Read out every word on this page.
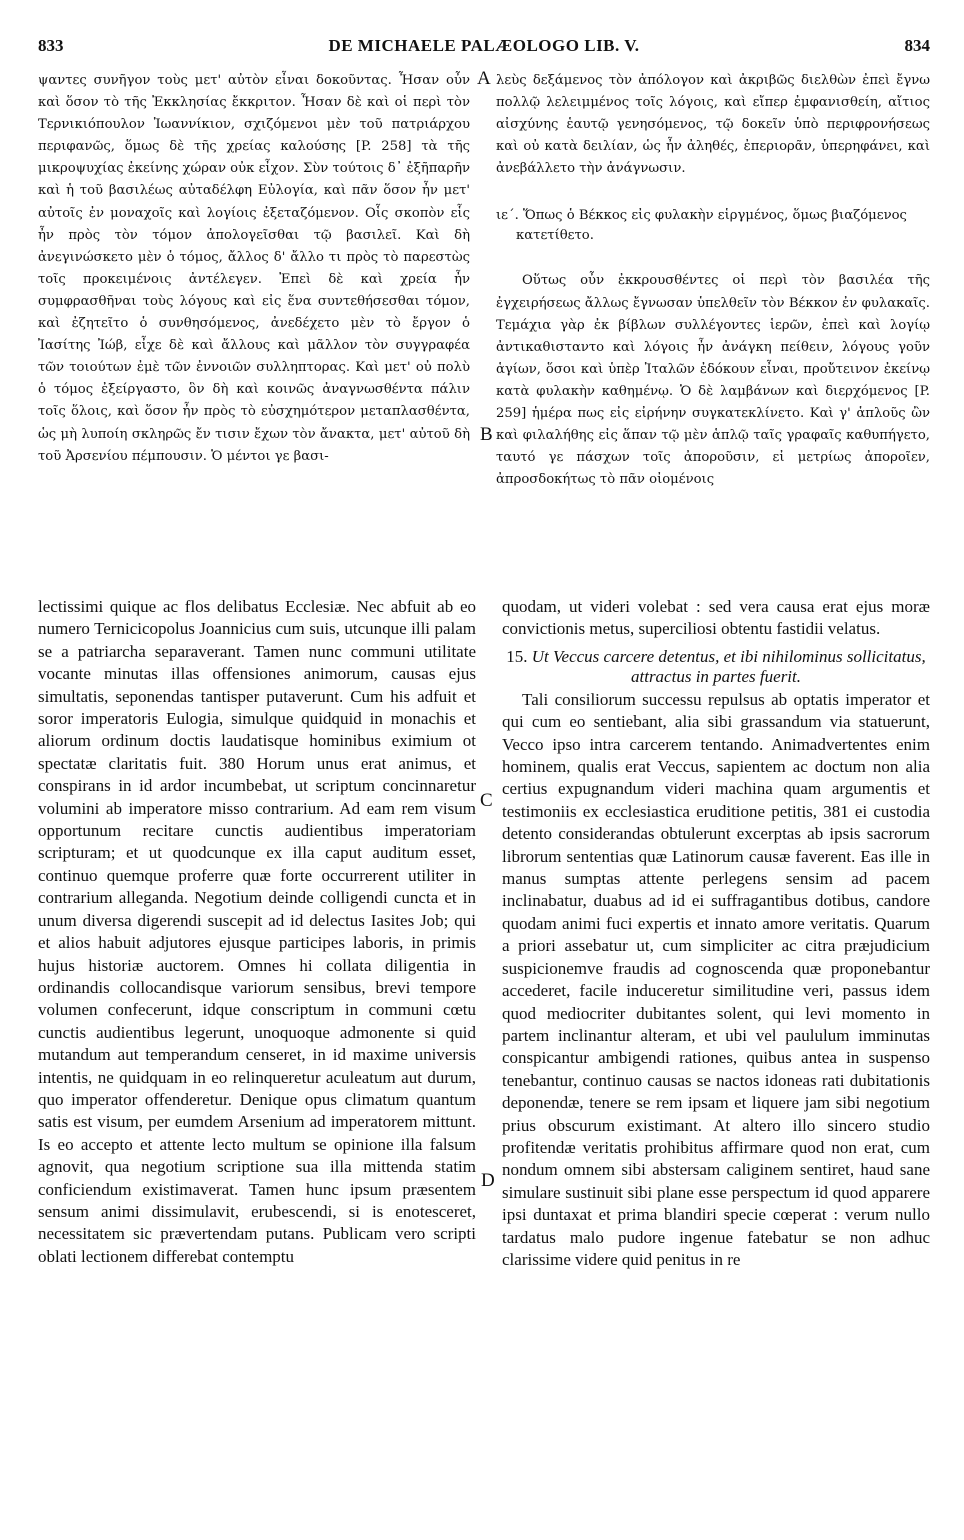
833	DE MICHAELE PALÆOLOGO LIB. V.	834

ψαντες συνῆγον τοὺς μετ' αὐτὸν εἶναι δοκοῦντας. Ἦσαν οὖν καὶ ὅσον τὸ τῆς Ἐκκλησίας ἔκκριτον. Ἦσαν δὲ καὶ οἱ περὶ τὸν Τερνικιόπουλον Ἰωαννίκιον, σχιζόμενοι μὲν τοῦ πατριάρχου περιφανῶς, ὅμως δὲ τῆς χρείας καλούσης [P. 258] τὰ τῆς μικροψυχίας ἐκείνης χώραν οὐκ εἶχον. Σὺν τούτοις δ᾽ ἐξῆπαρῆν καὶ ἡ τοῦ βασιλέως αὐταδέλφη Εὐλογία, καὶ πᾶν ὅσον ἦν μετ' αὐτοῖς ἐν μοναχοῖς καὶ λογίοις ἐξεταζόμενον. Οἷς σκοπὸν εἷς ἦν πρὸς τὸν τόμον ἀπολογεῖσθαι τῷ βασιλεῖ. Καὶ δὴ ἀνεγινώσκετο μὲν ὁ τόμος, ἄλλος δ' ἄλλο τι πρὸς τὸ παρεστὼς τοῖς προκειμένοις ἀντέλεγεν. Ἐπεὶ δὲ καὶ χρεία ἦν συμφρασθῆναι τοὺς λόγους καὶ εἰς ἕνα συντεθήσεσθαι τόμον, καὶ ἐζητεῖτο ὁ συνθησόμενος, ἀνεδέχετο μὲν τὸ ἔργον ὁ Ἰασίτης Ἰώβ, εἶχε δὲ καὶ ἄλλους καὶ μᾶλλον τὸν συγγραφέα τῶν τοιούτων ἐμὲ τῶν ἐννοιῶν συλληπτορας. Καὶ μετ' οὐ πολὺ ὁ τόμος ἐξείργαστο, ὃν δὴ καὶ κοινῶς ἀναγνωσθέντα πάλιν τοῖς ὅλοις, καὶ ὅσον ἦν πρὸς τὸ εὐσχημότερον μεταπλασθέντα, ὡς μὴ λυποίη σκληρῶς ἔν τισιν ἔχων τὸν ἄνακτα, μετ' αὐτοῦ δὴ τοῦ Ἀρσενίου πέμπουσιν. Ὁ μέντοι γε βασι-

A
B
C
D

λεὺς δεξάμενος τὸν ἀπόλογον καὶ ἀκριβῶς διελθὼν ἐπεὶ ἔγνω πολλῷ λελειμμένος τοῖς λόγοις, καὶ εἴπερ ἐμφανισθείη, αἴτιος αἰσχύνης ἑαυτῷ γενησόμενος, τῷ δοκεῖν ὑπὸ περιφρονήσεως καὶ οὐ κατὰ δειλίαν, ὡς ἦν ἀληθές, ἐπεριορᾶν, ὑπερηφάνει, καὶ ἀνεβάλλετο τὴν ἀνάγνωσιν.

ιε´. Ὅπως ὁ Βέκκος εἰς φυλακὴν εἱργμένος, ὅμως βιαζόμενος κατετίθετο.

Οὕτως οὖν ἐκκρουσθέντες οἱ περὶ τὸν βασιλέα τῆς ἐγχειρήσεως ἄλλως ἔγνωσαν ὑπελθεῖν τὸν Βέκκον ἐν φυλακαῖς. Τεμάχια γὰρ ἐκ βίβλων συλλέγοντες ἱερῶν, ἐπεὶ καὶ λογίῳ ἀντικαθισταντο καὶ λόγοις ἦν ἀνάγκη πείθειν, λόγους γοῦν ἁγίων, ὅσοι καὶ ὑπὲρ Ἰταλῶν ἐδόκουν εἶναι, προὔτεινον ἐκείνῳ κατὰ φυλακὴν καθημένῳ. Ὁ δὲ λαμβάνων καὶ διερχόμενος [P. 259] ἡμέρα πως εἰς εἰρήνην συγκατεκλίνετο. Καὶ γ' ἁπλοῦς ὢν καὶ φιλαλήθης εἰς ἅπαν τῷ μὲν ἁπλῷ ταῖς γραφαῖς καθυπήγετο, ταυτό γε πάσχων τοῖς ἀπορoῦσιν, εἰ μετρίως ἀποροῖεν, ἀπροσδοκήτως τὸ πᾶν οἰομένοις

lectissimi quique ac flos delibatus Ecclesiæ. Nec abfuit ab eo numero Ternicicopolus Joannicius cum suis, utcunque illi palam se a patriarcha separaverant. Tamen nunc communi utilitate vocante minutas illas offensiones animorum, causas ejus simultatis, seponendas tantisper putaverunt. Cum his adfuit et soror imperatoris Eulogia, simulque quidquid in monachis et aliorum ordinum doctis laudatisque hominibus eximium ot spectatæ claritatis fuit. 380 Horum unus erat animus, et conspirans in id ardor incumbebat, ut scriptum concinnaretur volumini ab imperatore misso contrarium. Ad eam rem visum opportunum recitare cunctis audientibus imperatoriam scripturam; et ut quodcunque ex illa caput auditum esset, continuo quemque proferre quæ forte occurrerent utiliter in contrarium alleganda. Negotium deinde colligendi cuncta et in unum diversa digerendi suscepit ad id delectus Iasites Job; qui et alios habuit adjutores ejusque participes laboris, in primis hujus historiæ auctorem. Omnes hi collata diligentia in ordinandis collocandisque variorum sensibus, brevi tempore volumen confecerunt, idque conscriptum in communi cœtu cunctis audientibus legerunt, unoquoque admonente si quid mutandum aut temperandum censeret, in id maxime universis intentis, ne quidquam in eo relinqueretur aculeatum aut durum, quo imperator offenderetur. Denique opus climatum quantum satis est visum, per eumdem Arsenium ad imperatorem mittunt. Is eo accepto et attente lecto multum se opinione illa falsum agnovit, qua negotium scriptione sua illa mittenda statim conficiendum existimaverat. Tamen hunc ipsum præsentem sensum animi dissimulavit, erubescendi, si is enotesceret, necessitatem sic prævertendam putans. Publicam vero scripti oblati lectionem differebat contemptu

quodam, ut videri volebat : sed vera causa erat ejus moræ convictionis metus, superciliosi obtentu fastidii velatus.

15. Ut Veccus carcere detentus, et ibi nihilominus sollicitatus, attractus in partes fuerit.

Tali consiliorum successu repulsus ab optatis imperator et qui cum eo sentiebant, alia sibi grassandum via statuerunt, Vecco ipso intra carcerem tentando. Animadvertentes enim hominem, qualis erat Veccus, sapientem ac doctum non alia certius expugnandum videri machina quam argumentis et testimoniis ex ecclesiastica eruditione petitis, 381 ei custodia detento considerandas obtulerunt excerptas ab ipsis sacrorum librorum sententias quæ Latinorum causæ faverent. Eas ille in manus sumptas attente perlegens sensim ad pacem inclinabatur, duabus ad id ei suffragantibus dotibus, candore quodam animi fuci expertis et innato amore veritatis. Quarum a priori assebatur ut, cum simpliciter ac citra præjudicium suspicionemve fraudis ad cognoscenda quæ proponebantur accederet, facile induceretur similitudine veri, passus idem quod mediocriter dubitantes solent, qui levi momento in partem inclinantur alteram, et ubi vel paululum imminutas conspicantur ambigendi rationes, quibus antea in suspenso tenebantur, continuo causas se nactos idoneas rati dubitationis deponendæ, tenere se rem ipsam et liquere jam sibi negotium prius obscurum existimant. At altero illo sincero studio profitendæ veritatis prohibitus affirmare quod non erat, cum nondum omnem sibi abstersam caliginem sentiret, haud sane simulare sustinuit sibi plane esse perspectum id quod apparere ipsi duntaxat et prima blandiri specie cœperat : verum nullo tardatus malo pudore ingenue fatebatur se non adhuc clarissime videre quid penitus in re
